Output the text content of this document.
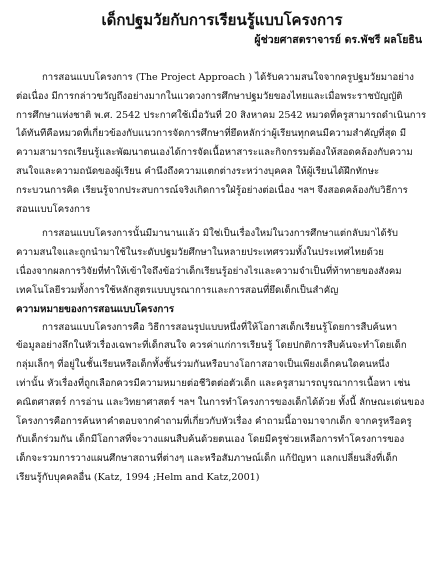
เด็กปฐมวัยกับการเรียนรู้แบบโครงการ
ผู้ช่วยศาสตราจารย์ ดร.พัชรี ผลโยธิน
การสอนแบบโครงการ (The Project Approach ) ได้รับความสนใจจากครูปฐมวัยมาอย่าง
ต่อเนื่อง มีการกล่าวขวัญถึงอย่างมากในแวดวงการศึกษาปฐมวัยของไทยและเมื่อพระราชบัญญัติ
การศึกษาแห่งชาติ พ.ศ. 2542 ประกาศใช้เมื่อวันที่ 20 สิงหาคม 2542 หมวดที่ครูสามารถดำเนินการ
ได้ทันทีคือหมวดที่เกี่ยวข้องกับแนวการจัดการศึกษาที่ยึดหลักว่าผู้เรียนทุกคนมีความสำคัญที่สุด มี
ความสามารถเรียนรู้และพัฒนาตนเองได้การจัดเนื้อหาสาระและกิจกรรมต้องให้สอดคล้องกับความ
สนใจและความถนัดของผู้เรียน คำนึงถึงความแตกต่างระหว่างบุคคล ให้ผู้เรียนได้ฝึกทักษะ
กระบวนการคิด เรียนรู้จากประสบการณ์จริงเกิดการใฝ่รู้อย่างต่อเนื่อง ฯลฯ จึงสอดคล้องกับวิธีการ
สอนแบบโครงการ
การสอนแบบโครงการนั้นมีมานานแล้ว มิใช่เป็นเรื่องใหม่ในวงการศึกษาแต่กลับมาได้รับ
ความสนใจและถูกนำมาใช้ในระดับปฐมวัยศึกษาในหลายประเทศรวมทั้งในประเทศไทยด้วย
เนื่องจากผลการวิจัยที่ทำให้เข้าใจถึงข้อว่าเด็กเรียนรู้อย่างไรและความจำเป็นที่ท้าทายของสังคม
เทคโนโลยีรวมทั้งการใช้หลักสูตรแบบบูรณาการและการสอนที่ยึดเด็กเป็นสำคัญ
ความหมายของการสอนแบบโครงการ
การสอนแบบโครงการคือ วิธีการสอนรูปแบบหนึ่งที่ให้โอกาสเด็กเรียนรู้โดยการสืบค้นหา
ข้อมูลอย่างลึกในหัวเรื่องเฉพาะที่เด็กสนใจ ควรค่าแก่การเรียนรู้ โดยปกติการสืบค้นจะทำโดยเด็ก
กลุ่มเล็กๆ ที่อยู่ในชั้นเรียนหรือเด็กทั้งชั้นร่วมกันหรือบางโอกาสอาจเป็นเพียงเด็กคนใดคนหนึ่ง
เท่านั้น หัวเรื่องที่ถูกเลือกควรมีความหมายต่อชีวิตต่อตัวเด็ก และครูสามารถบูรณาการเนื้อหา เช่น
คณิตศาสตร์ การอ่าน และวิทยาศาสตร์ ฯลฯ ในการทำโครงการของเด็กได้ด้วย ทั้งนี้ ลักษณะเด่นของ
โครงการคือการค้นหาคำตอบจากคำถามที่เกี่ยวกับหัวเรื่อง คำถามนี้อาจมาจากเด็ก จากครูหรือครู
กับเด็กร่วมกัน เด็กมีโอกาสที่จะวางแผนสืบค้นด้วยตนเอง โดยมีครูช่วยเหลือการทำโครงการของ
เด็กจะรวมการวางแผนศึกษาสถานที่ต่างๆ และหรือสัมภาษณ์เด็ก แก้ปัญหา แลกเปลี่ยนสิ่งที่เด็ก
เรียนรู้กับบุคคลอื่น (Katz, 1994 ;Helm and Katz,2001)
